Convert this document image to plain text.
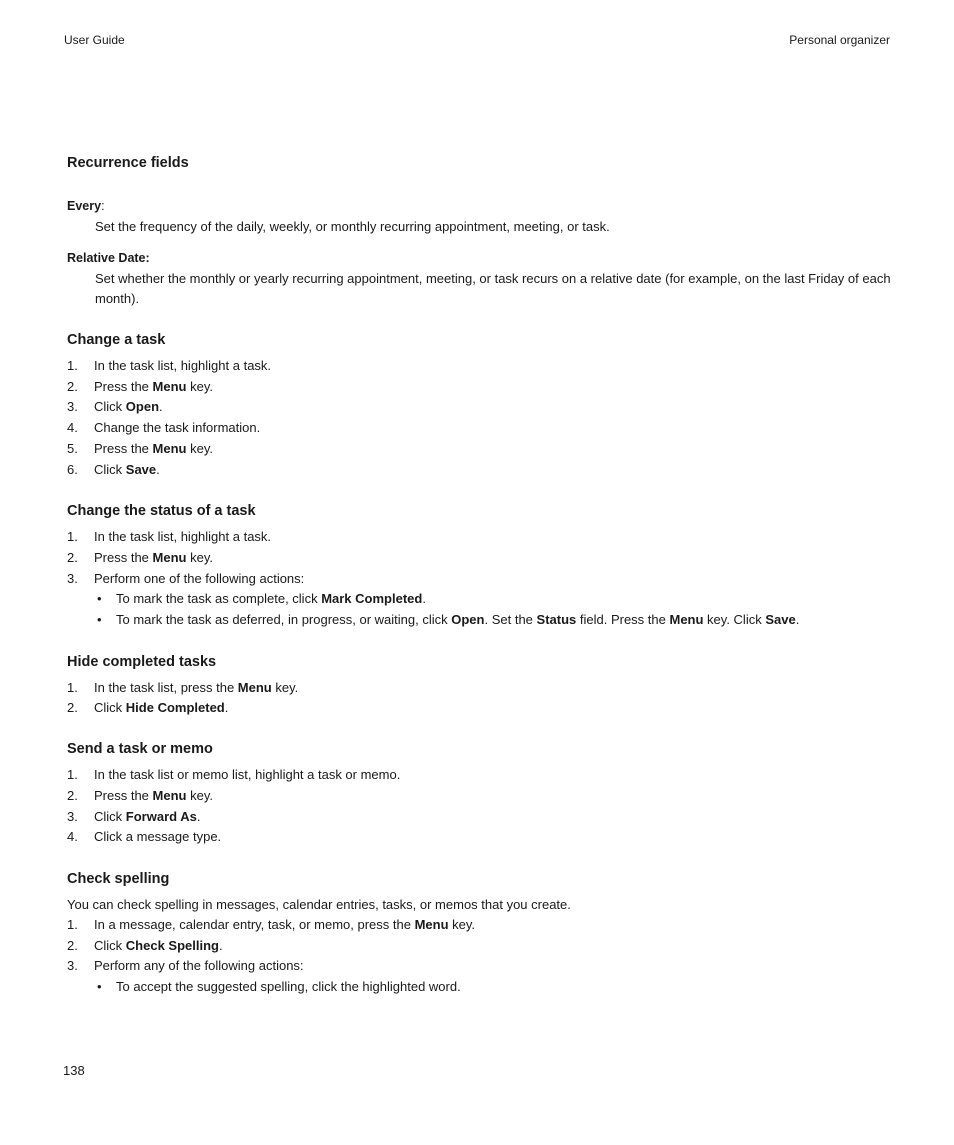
User Guide	Personal organizer
Recurrence fields

Every:

Set the frequency of the daily, weekly, or monthly recurring appointment, meeting, or task.

Relative Date:

Set whether the monthly or yearly recurring appointment, meeting, or task recurs on a relative date (for example, on the last Friday of each month).

Change a task
1. In the task list, highlight a task.
2. Press the Menu key.
3. Click Open.
4. Change the task information.
5. Press the Menu key.
6. Click Save.
Change the status of a task
1. In the task list, highlight a task.
2. Press the Menu key.
3. Perform one of the following actions:
• To mark the task as complete, click Mark Completed.
• To mark the task as deferred, in progress, or waiting, click Open. Set the Status field. Press the Menu key. Click Save.
Hide completed tasks
1. In the task list, press the Menu key.
2. Click Hide Completed.
Send a task or memo
1. In the task list or memo list, highlight a task or memo.
2. Press the Menu key.
3. Click Forward As.
4. Click a message type.
Check spelling

You can check spelling in messages, calendar entries, tasks, or memos that you create.

1. In a message, calendar entry, task, or memo, press the Menu key.
2. Click Check Spelling.
3. Perform any of the following actions:
• To accept the suggested spelling, click the highlighted word.
138
